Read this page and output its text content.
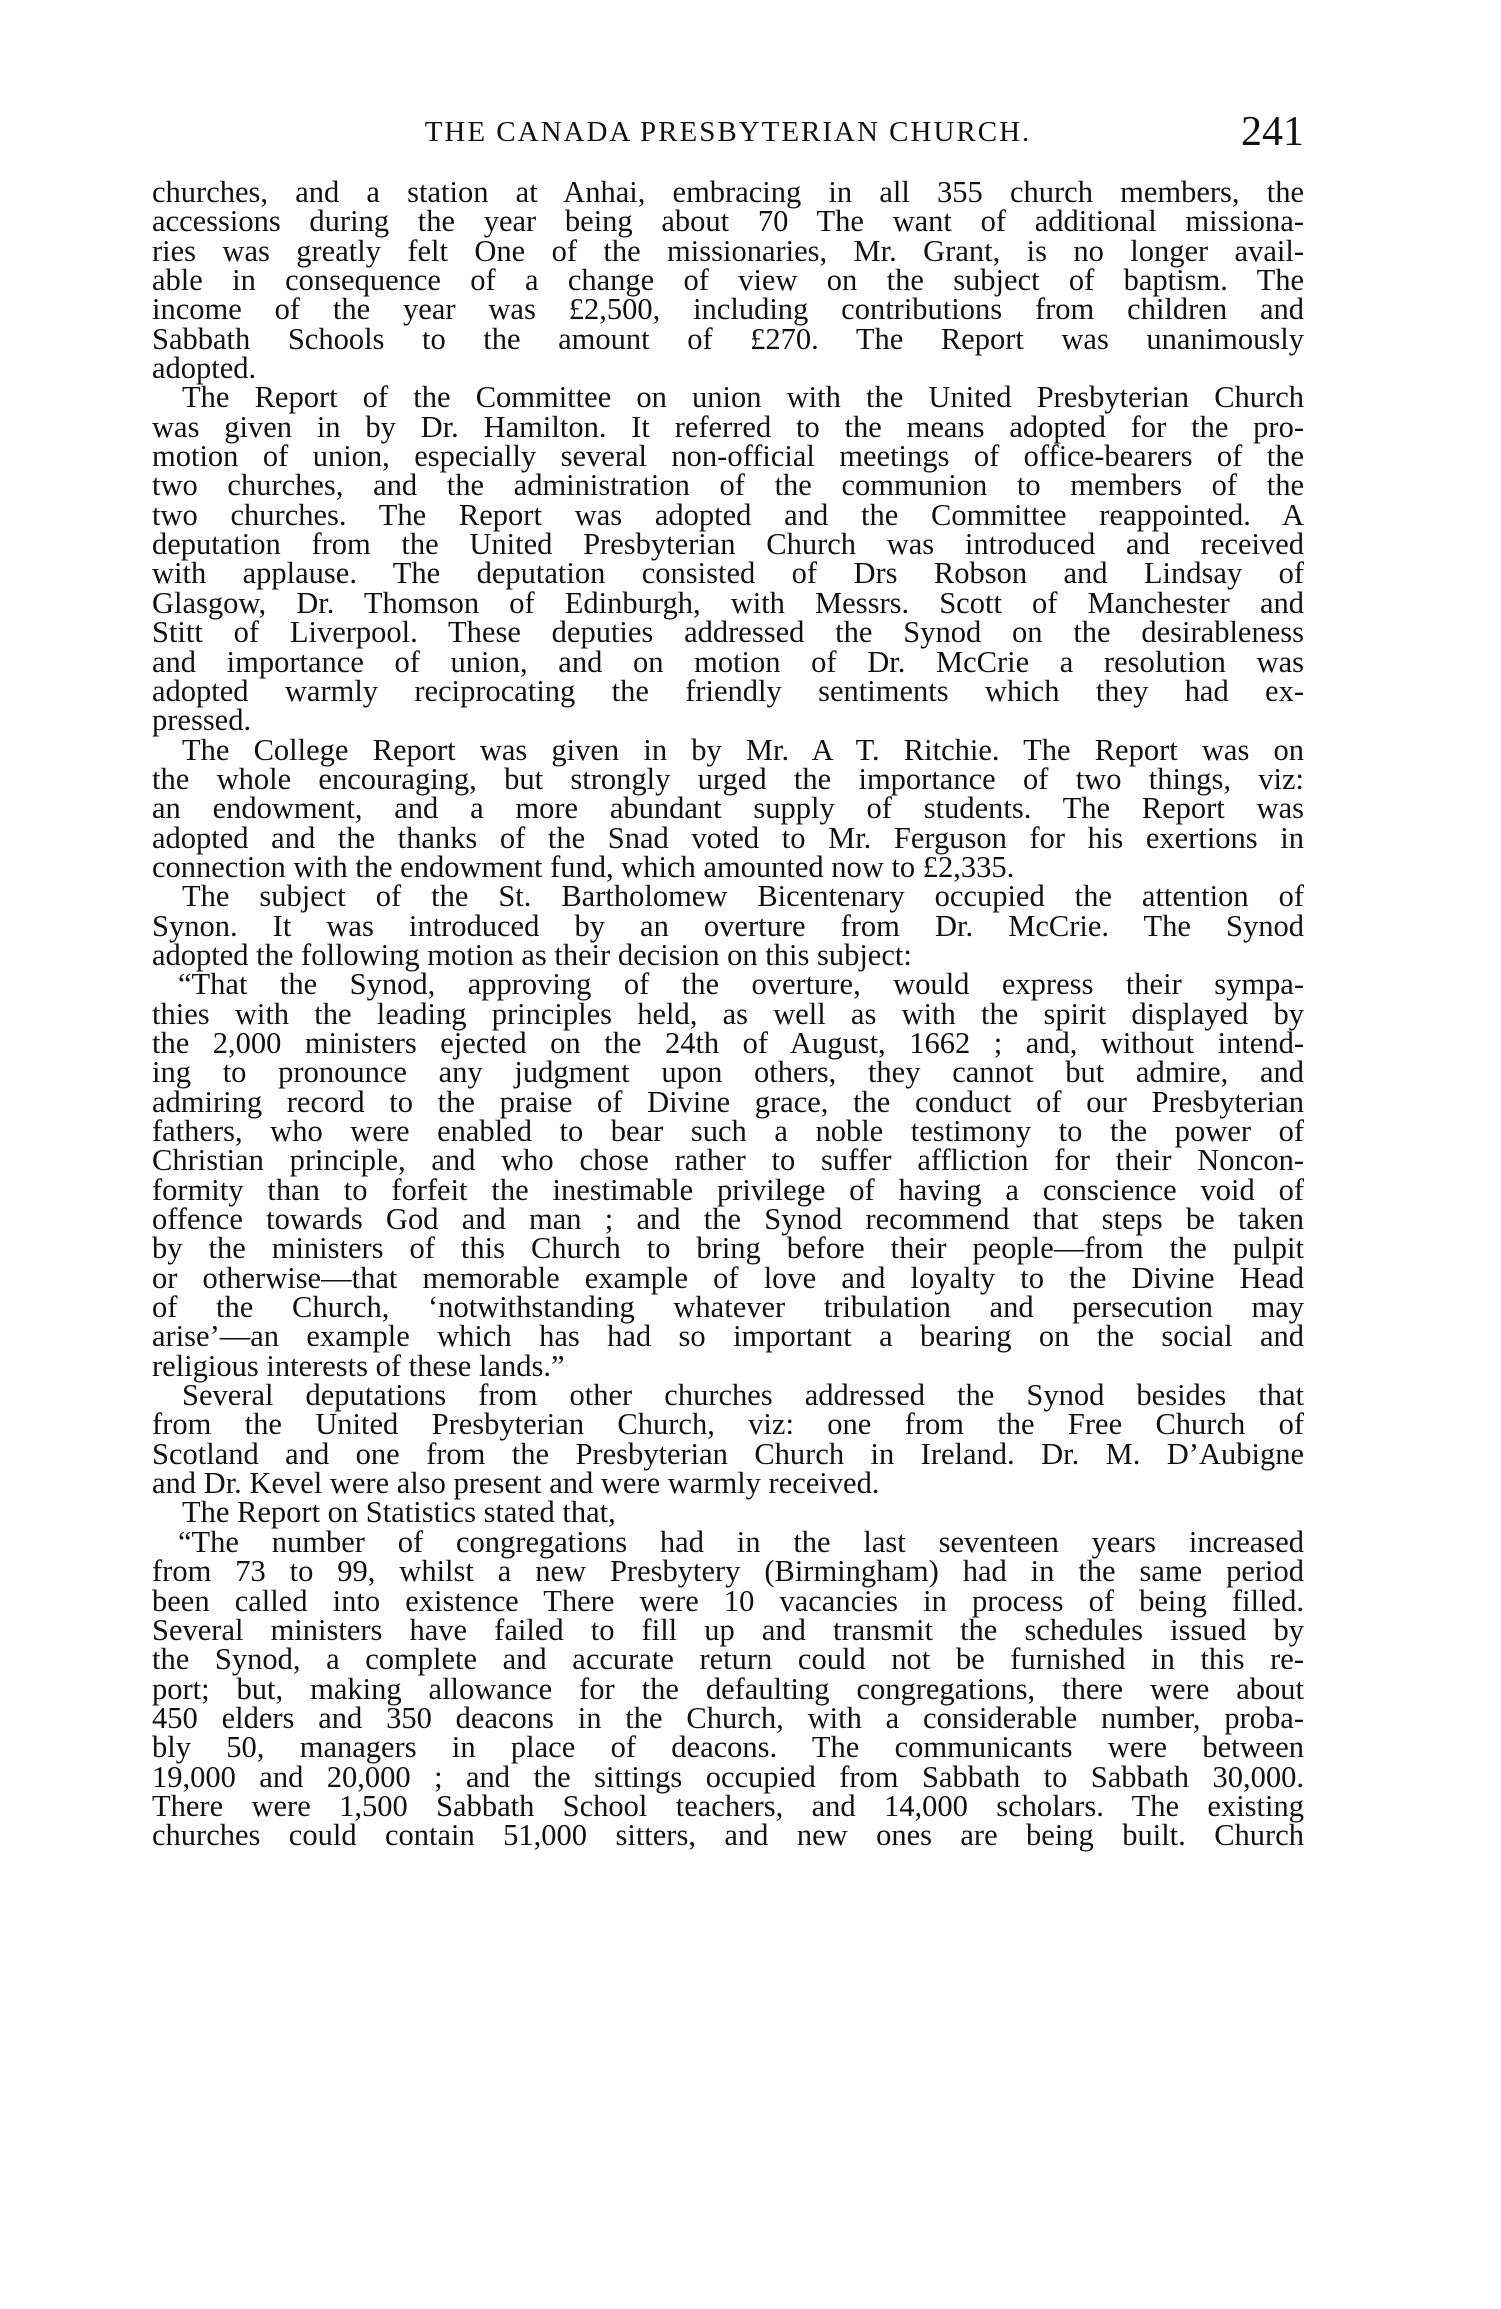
THE CANADA PRESBYTERIAN CHURCH.	241
churches, and a station at Anhai, embracing in all 355 church members, the
accessions during the year being about 70 The want of additional missiona-
ries was greatly felt One of the missionaries, Mr. Grant, is no longer avail-
able in consequence of a change of view on the subject of baptism. The
income of the year was £2,500, including contributions from children and
Sabbath Schools to the amount of £270. The Report was unanimously
adopted.
The Report of the Committee on union with the United Presbyterian Church
was given in by Dr. Hamilton. It referred to the means adopted for the pro-
motion of union, especially several non-official meetings of office-bearers of the
two churches, and the administration of the communion to members of the
two churches. The Report was adopted and the Committee reappointed. A
deputation from the United Presbyterian Church was introduced and received
with applause. The deputation consisted of Drs Robson and Lindsay of
Glasgow, Dr. Thomson of Edinburgh, with Messrs. Scott of Manchester and
Stitt of Liverpool. These deputies addressed the Synod on the desirableness
and importance of union, and on motion of Dr. McCrie a resolution was
adopted warmly reciprocating the friendly sentiments which they had ex-
pressed.
The College Report was given in by Mr. A T. Ritchie. The Report was on
the whole encouraging, but strongly urged the importance of two things, viz:
an endowment, and a more abundant supply of students. The Report was
adopted and the thanks of the Snad voted to Mr. Ferguson for his exertions in
connection with the endowment fund, which amounted now to £2,335.
The subject of the St. Bartholomew Bicentenary occupied the attention of
Synon. It was introduced by an overture from Dr. McCrie. The Synod
adopted the following motion as their decision on this subject:
“That the Synod, approving of the overture, would express their sympa-
thies with the leading principles held, as well as with the spirit displayed by
the 2,000 ministers ejected on the 24th of August, 1662 ; and, without intend-
ing to pronounce any judgment upon others, they cannot but admire, and
admiring record to the praise of Divine grace, the conduct of our Presbyterian
fathers, who were enabled to bear such a noble testimony to the power of
Christian principle, and who chose rather to suffer affliction for their Noncon-
formity than to forfeit the inestimable privilege of having a conscience void of
offence towards God and man ; and the Synod recommend that steps be taken
by the ministers of this Church to bring before their people—from the pulpit
or otherwise—that memorable example of love and loyalty to the Divine Head
of the Church, ‘notwithstanding whatever tribulation and persecution may
arise’—an example which has had so important a bearing on the social and
religious interests of these lands.”
Several deputations from other churches addressed the Synod besides that
from the United Presbyterian Church, viz: one from the Free Church of
Scotland and one from the Presbyterian Church in Ireland. Dr. M. D’Aubigne
and Dr. Kevel were also present and were warmly received.
The Report on Statistics stated that,
“The number of congregations had in the last seventeen years increased
from 73 to 99, whilst a new Presbytery (Birmingham) had in the same period
been called into existence There were 10 vacancies in process of being filled.
Several ministers have failed to fill up and transmit the schedules issued by
the Synod, a complete and accurate return could not be furnished in this re-
port; but, making allowance for the defaulting congregations, there were about
450 elders and 350 deacons in the Church, with a considerable number, proba-
bly 50, managers in place of deacons. The communicants were between
19,000 and 20,000 ; and the sittings occupied from Sabbath to Sabbath 30,000.
There were 1,500 Sabbath School teachers, and 14,000 scholars. The existing
churches could contain 51,000 sitters, and new ones are being built. Church
